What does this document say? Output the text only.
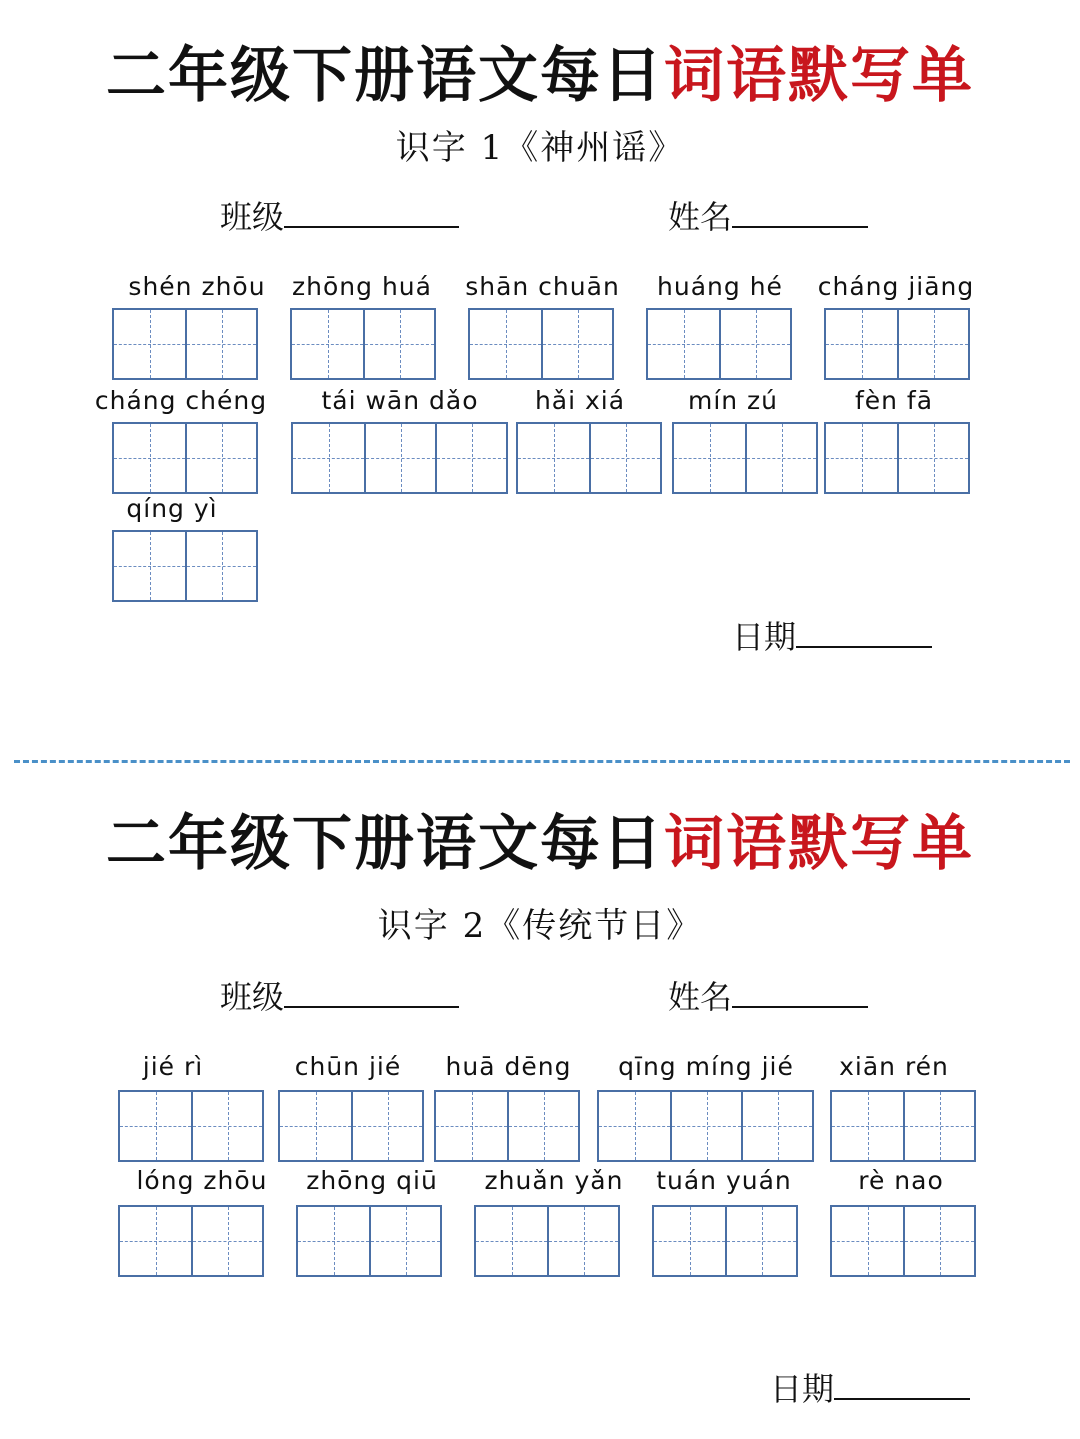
二年级下册语文每日词语默写单
识字 1《神州谣》
班级	姓名
shén zhōu	zhōng huá	shān chuān	huáng hé	cháng jiāng
cháng chéng	tái wān dǎo	hǎi xiá	mín zú	fèn fā
qíng yì
日期
二年级下册语文每日词语默写单
识字 2《传统节日》
班级	姓名
jié rì	chūn jié	huā dēng	qīng míng jié	xiān rén
lóng zhōu	zhōng qiū	zhuǎn yǎn	tuán yuán	rè nao
日期
